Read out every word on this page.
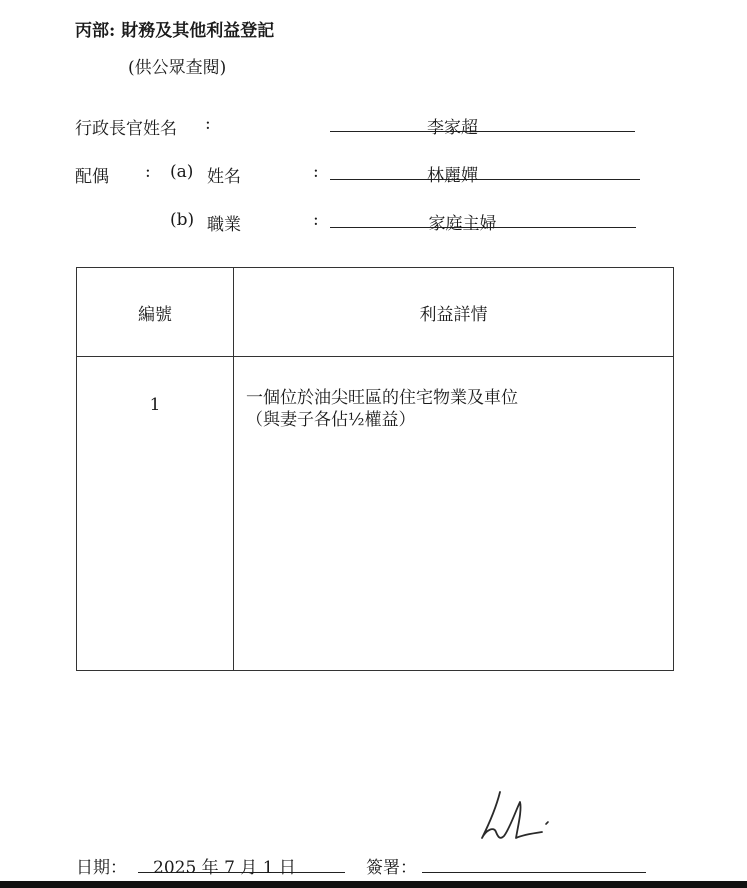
丙部: 財務及其他利益登記
(供公眾查閱)
行政長官姓名 :	李家超
配偶 : (a) 姓名	:	林麗嬋
(b) 職業	:	家庭主婦
編號	利益詳情
1	一個位於油尖旺區的住宅物業及車位
（與妻子各佔½權益）
日期： 2025 年 7 月 1 日	簽署：
